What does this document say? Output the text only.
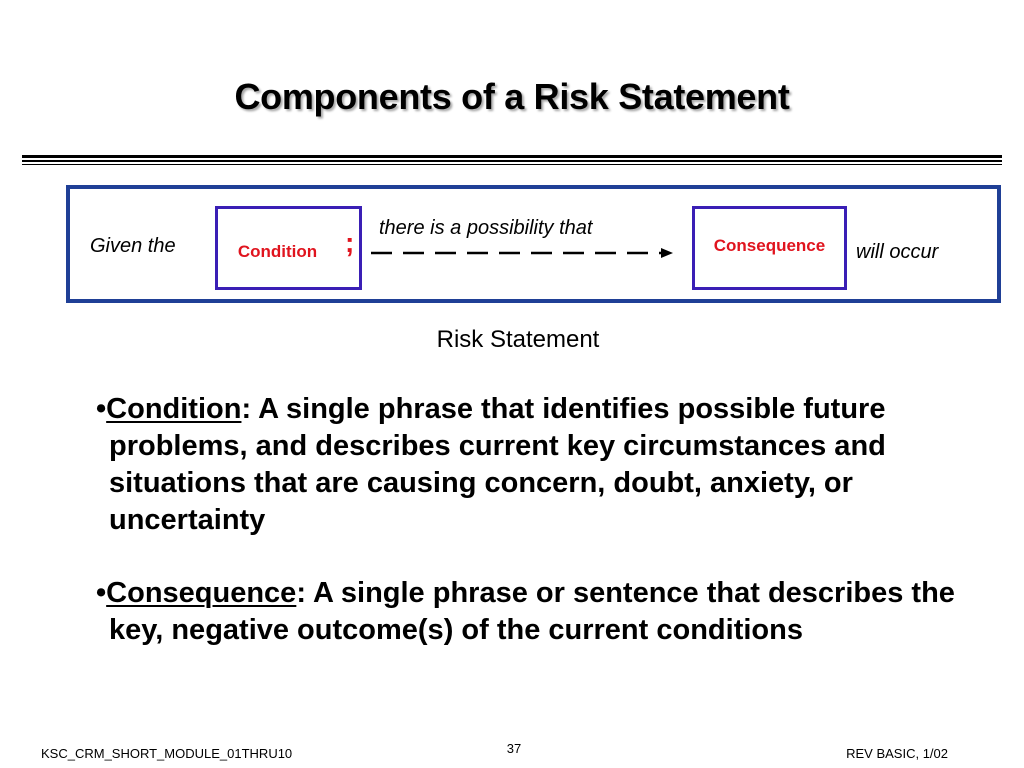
Components of a Risk Statement
Given the	Condition ; there is a possibility that
Consequence will occur
Risk Statement
•Condition: A single phrase that identifies possible future problems, and describes current key circumstances and situations that are causing concern, doubt, anxiety, or uncertainty
•Consequence: A single phrase or sentence that describes the key, negative outcome(s) of the current conditions
KSC_CRM_SHORT_MODULE_01THRU10	37	REV BASIC, 1/02
